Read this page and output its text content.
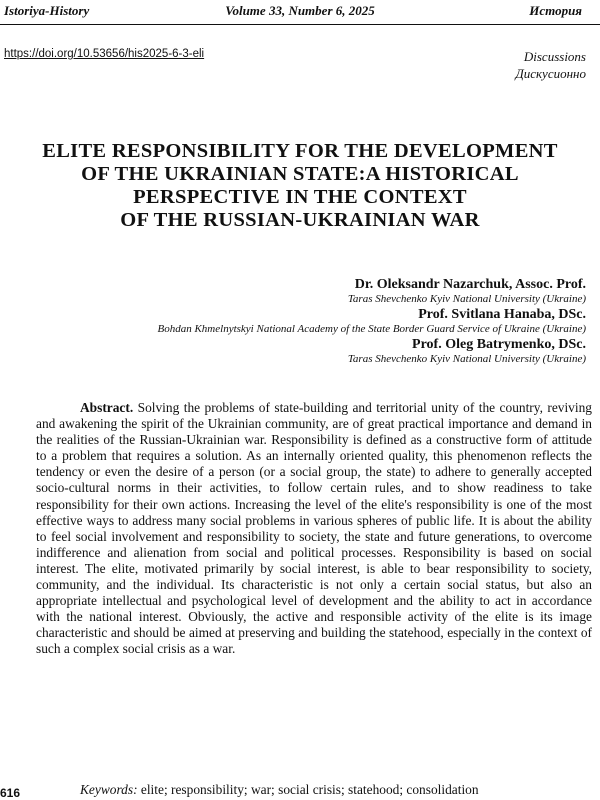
Istoriya-History	Volume 33, Number 6, 2025	История
https://doi.org/10.53656/his2025-6-3-eli	Discussions
Дискусионно
ELITE RESPONSIBILITY FOR THE DEVELOPMENT
OF THE UKRAINIAN STATE:A HISTORICAL
PERSPECTIVE IN THE CONTEXT
OF THE RUSSIAN-UKRAINIAN WAR
Dr. Oleksandr Nazarchuk, Assoc. Prof.
Taras Shevchenko Kyiv National University (Ukraine)
Prof. Svitlana Hanaba, DSc.
Bohdan Khmelnytskyi National Academy of the State Border Guard Service of Ukraine (Ukraine)
Prof. Oleg Batrymenko, DSc.
Taras Shevchenko Kyiv National University (Ukraine)
Abstract. Solving the problems of state-building and territorial unity of the country, reviving and awakening the spirit of the Ukrainian community, are of great practical importance and demand in the realities of the Russian-Ukrainian war. Responsibility is defined as a constructive form of attitude to a problem that requires a solution. As an internally oriented quality, this phenomenon reflects the tendency or even the desire of a person (or a social group, the state) to adhere to generally accepted socio-cultural norms in their activities, to follow certain rules, and to show readiness to take responsibility for their own actions. Increasing the level of the elite's responsibility is one of the most effective ways to address many social problems in various spheres of public life. It is about the ability to feel social involvement and responsibility to society, the state and future generations, to overcome indifference and alienation from social and political processes. Responsibility is based on social interest. The elite, motivated primarily by social interest, is able to bear responsibility to society, community, and the individual. Its characteristic is not only a certain social status, but also an appropriate intellectual and psychological level of development and the ability to act in accordance with the national interest. Obviously, the active and responsible activity of the elite is its image characteristic and should be aimed at preserving and building the statehood, especially in the context of such a complex social crisis as a war.
Keywords: elite; responsibility; war; social crisis; statehood; consolidation
616
